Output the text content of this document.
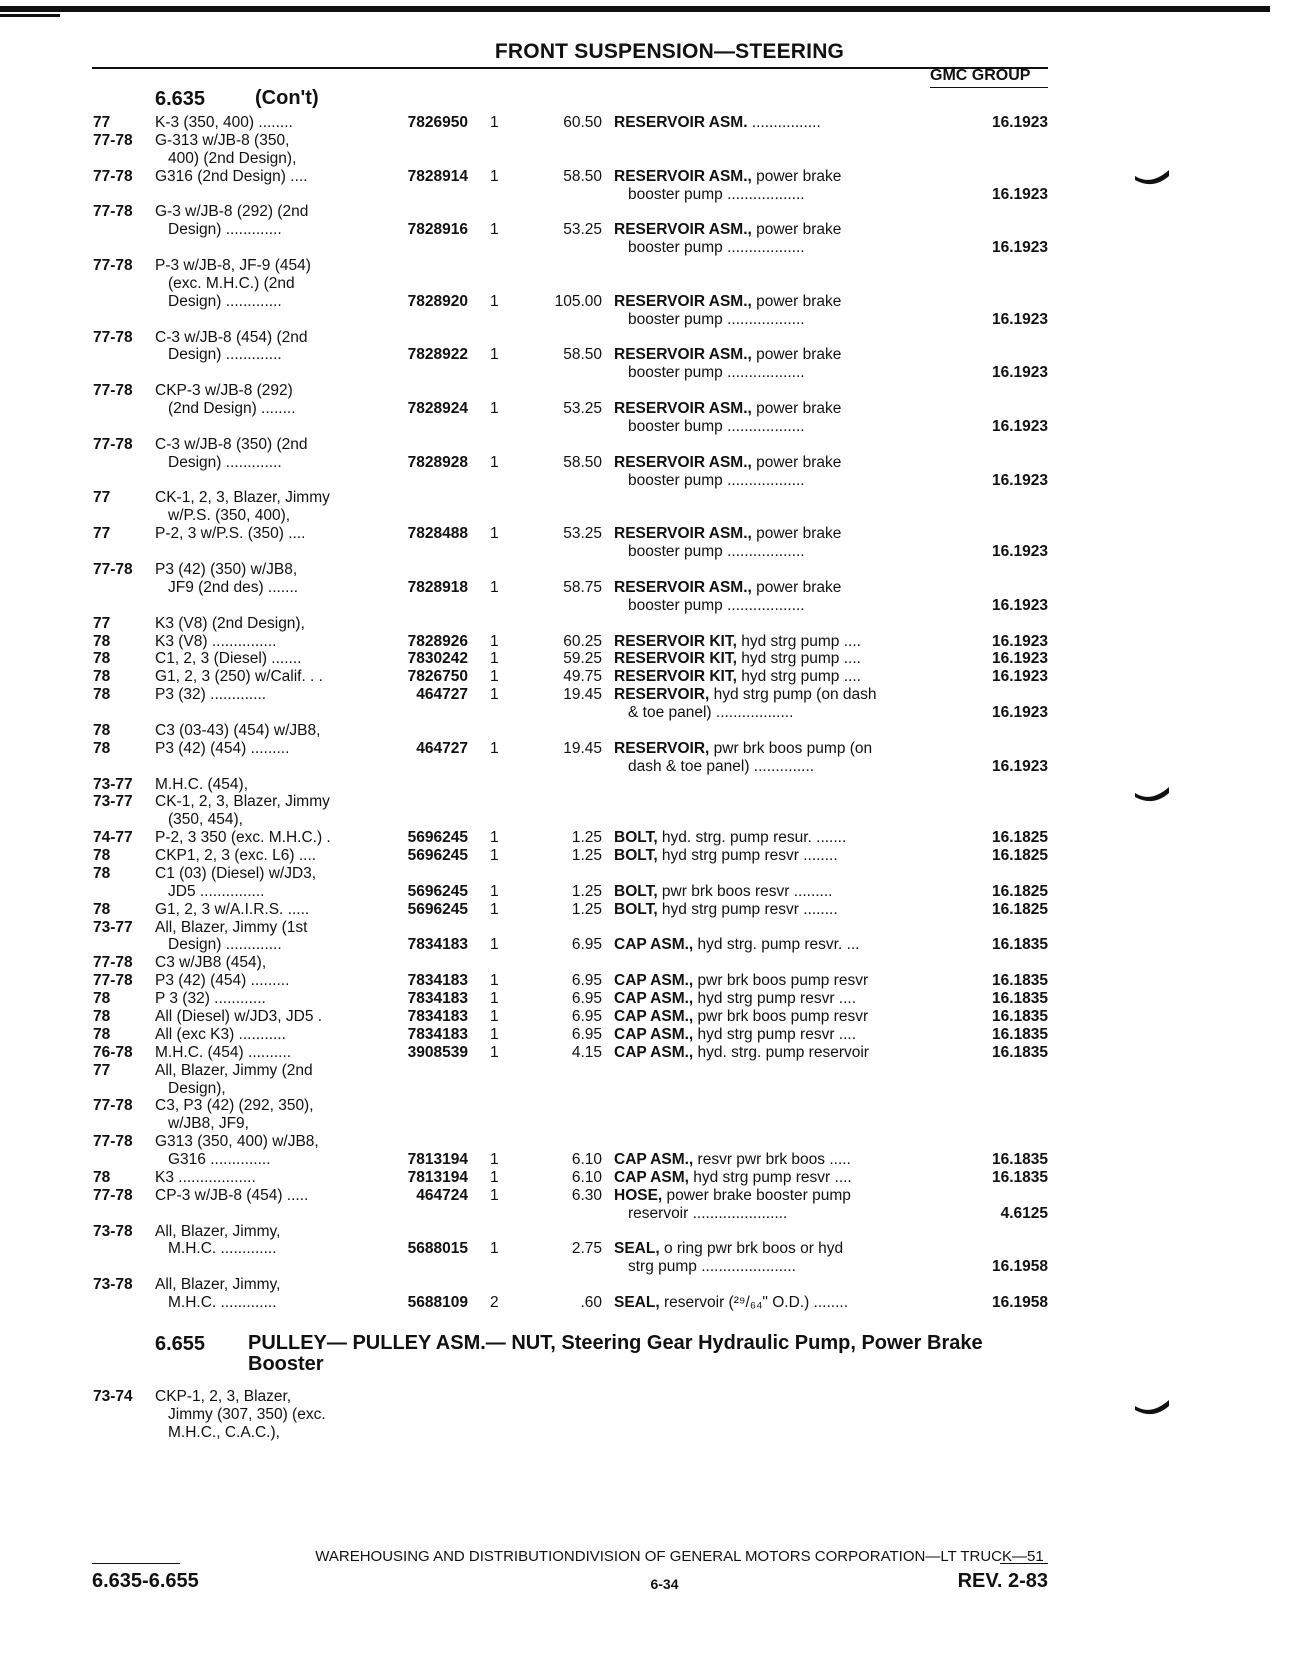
FRONT SUSPENSION—STEERING
GMC GROUP
6.635 (Con't)
77	K-3 (350, 400) ........	7826950 1	60.50 RESERVOIR ASM. ................	16.1923
77-78	G-313 w/JB-8 (350,
400) (2nd Design),
77-78	G316 (2nd Design) ....	7828914 1	58.50 RESERVOIR ASM., power brake
booster pump ..................	16.1923
77-78	G-3 w/JB-8 (292) (2nd
Design) .............	7828916 1	53.25 RESERVOIR ASM., power brake
booster pump ..................	16.1923
77-78	P-3 w/JB-8, JF-9 (454)
(exc. M.H.C.) (2nd
Design) .............	7828920 1	105.00 RESERVOIR ASM., power brake
booster pump ..................	16.1923
77-78	C-3 w/JB-8 (454) (2nd
Design) .............	7828922 1	58.50 RESERVOIR ASM., power brake
booster pump ..................	16.1923
77-78	CKP-3 w/JB-8 (292)
(2nd Design) ........	7828924 1	53.25 RESERVOIR ASM., power brake
booster bump ..................	16.1923
77-78	C-3 w/JB-8 (350) (2nd
Design) .............	7828928 1	58.50 RESERVOIR ASM., power brake
booster pump ..................	16.1923
77	CK-1, 2, 3, Blazer, Jimmy
w/P.S. (350, 400),
77	P-2, 3 w/P.S. (350) ....	7828488 1	53.25 RESERVOIR ASM., power brake
booster pump ..................	16.1923
77-78	P3 (42) (350) w/JB8,
JF9 (2nd des) .......	7828918 1	58.75 RESERVOIR ASM., power brake
booster pump ..................	16.1923
77	K3 (V8) (2nd Design),
78	K3 (V8) ...............	7828926 1	60.25 RESERVOIR KIT, hyd strg pump ....	16.1923
78	C1, 2, 3 (Diesel) .......	7830242 1	59.25 RESERVOIR KIT, hyd strg pump ....	16.1923
78	G1, 2, 3 (250) w/Calif. . .	7826750 1	49.75 RESERVOIR KIT, hyd strg pump ....	16.1923
78	P3 (32) .............	464727 1	19.45 RESERVOIR, hyd strg pump (on dash
& toe panel) ..................	16.1923
78	C3 (03-43) (454) w/JB8,
78	P3 (42) (454) .........	464727 1	19.45 RESERVOIR, pwr brk boos pump (on
dash & toe panel) ..............	16.1923
73-77	M.H.C. (454),
73-77	CK-1, 2, 3, Blazer, Jimmy
(350, 454),
74-77	P-2, 3 350 (exc. M.H.C.) .	5696245 1	1.25 BOLT, hyd. strg. pump resur. .......	16.1825
78	CKP1, 2, 3 (exc. L6) ....	5696245 1	1.25 BOLT, hyd strg pump resvr ........	16.1825
78	C1 (03) (Diesel) w/JD3,
JD5 ...............	5696245 1	1.25 BOLT, pwr brk boos resvr .........	16.1825
78	G1, 2, 3 w/A.I.R.S. .....	5696245 1	1.25 BOLT, hyd strg pump resvr ........	16.1825
73-77	All, Blazer, Jimmy (1st
Design) .............	7834183 1	6.95 CAP ASM., hyd strg. pump resvr. ...	16.1835
77-78	C3 w/JB8 (454),
77-78	P3 (42) (454) .........	7834183 1	6.95 CAP ASM., pwr brk boos pump resvr	16.1835
78	P 3 (32) ............	7834183 1	6.95 CAP ASM., hyd strg pump resvr ....	16.1835
78	All (Diesel) w/JD3, JD5 .	7834183 1	6.95 CAP ASM., pwr brk boos pump resvr	16.1835
78	All (exc K3) ...........	7834183 1	6.95 CAP ASM., hyd strg pump resvr ....	16.1835
76-78	M.H.C. (454) ..........	3908539 1	4.15 CAP ASM., hyd. strg. pump reservoir	16.1835
77	All, Blazer, Jimmy (2nd
Design),
77-78	C3, P3 (42) (292, 350),
w/JB8, JF9,
77-78	G313 (350, 400) w/JB8,
G316 ..............	7813194 1	6.10 CAP ASM., resvr pwr brk boos .....	16.1835
78	K3 ..................	7813194 1	6.10 CAP ASM, hyd strg pump resvr ....	16.1835
77-78	CP-3 w/JB-8 (454) .....	464724 1	6.30 HOSE, power brake booster pump
reservoir ......................	4.6125
73-78	All, Blazer, Jimmy,
M.H.C. .............	5688015 1	2.75 SEAL, o ring pwr brk boos or hyd
strg pump ......................	16.1958
73-78	All, Blazer, Jimmy,
M.H.C. .............	5688109 2	.60 SEAL, reservoir (²⁹/₆₄" O.D.) ........	16.1958
6.655 PULLEY— PULLEY ASM.— NUT, Steering Gear Hydraulic Pump, Power Brake Booster
73-74	CKP-1, 2, 3, Blazer,
Jimmy (307, 350) (exc.
M.H.C., C.A.C.),
WAREHOUSING AND DISTRIBUTIONDIVISION OF GENERAL MOTORS CORPORATION—LT TRUCK—51
6.635-6.655	6-34	REV. 2-83
